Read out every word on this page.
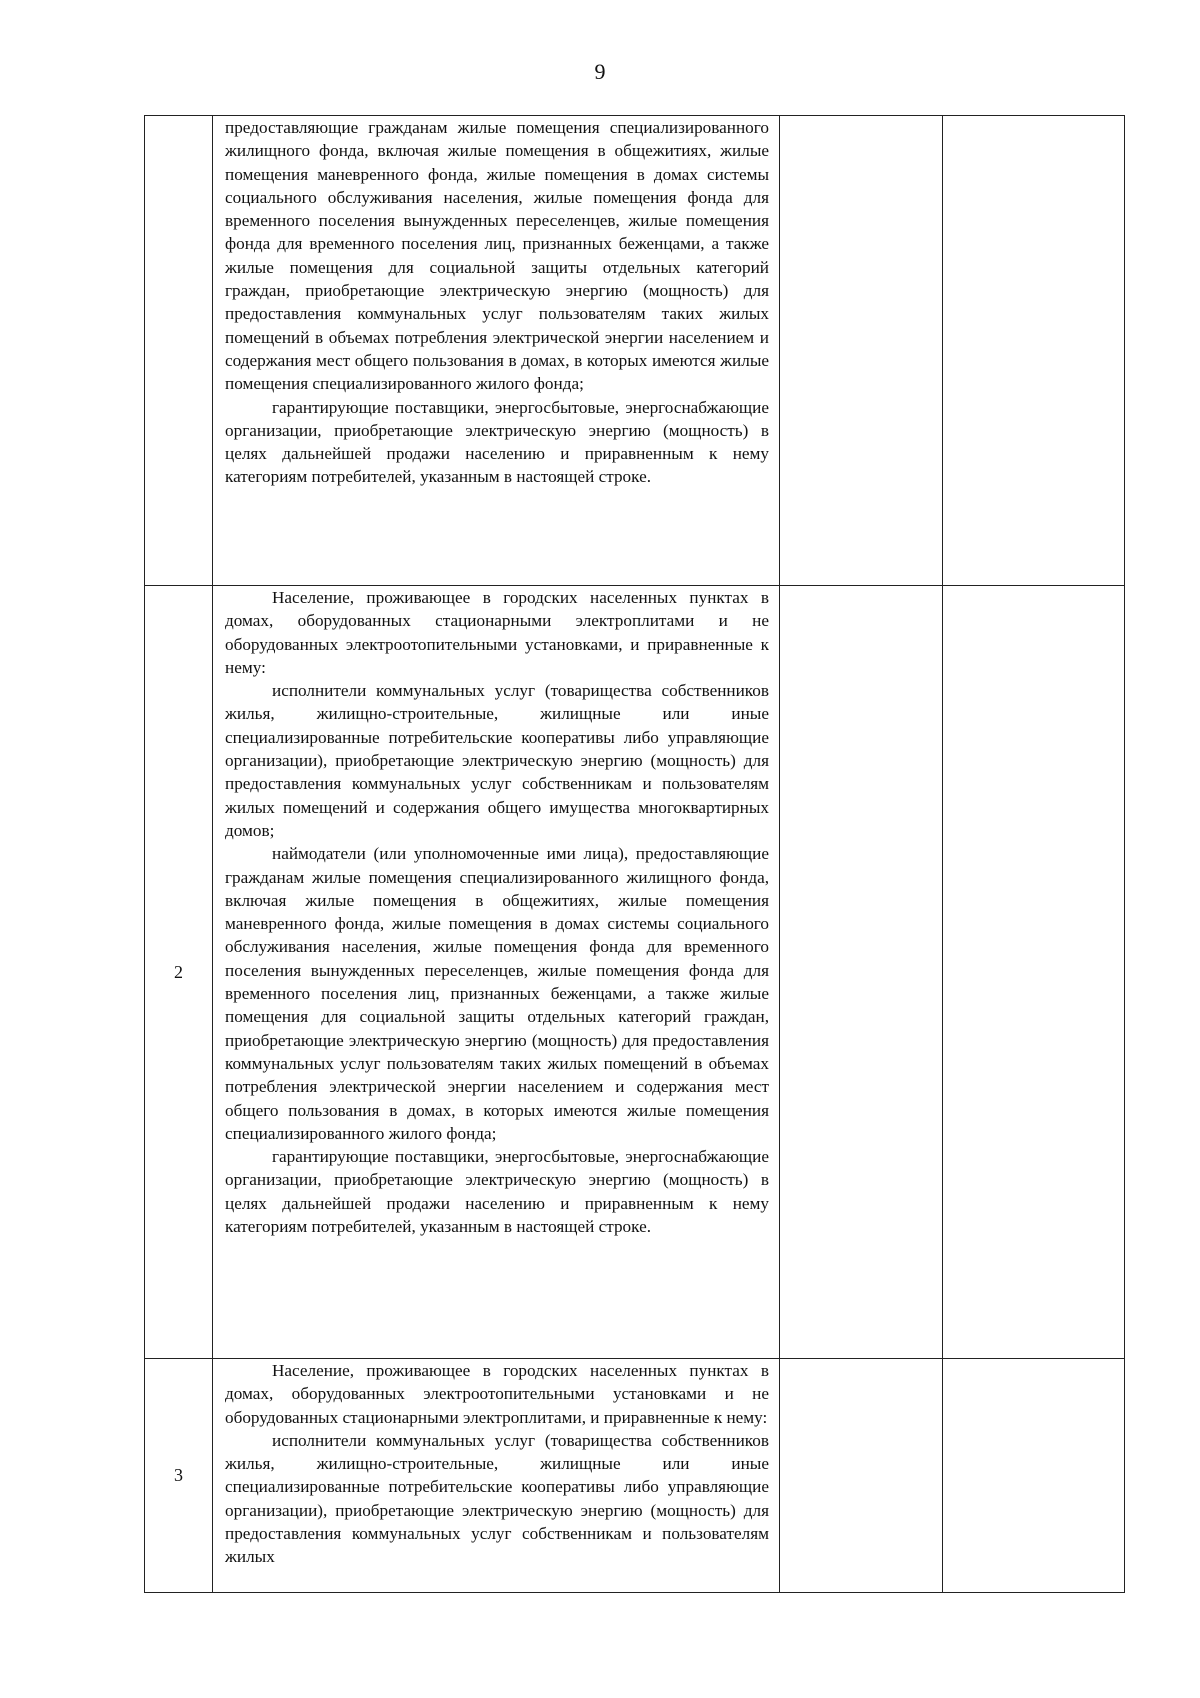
9

	предоставляющие гражданам жилые помещения специализированного жилищного фонда, включая жилые помещения в общежитиях, жилые помещения маневренного фонда, жилые помещения в домах системы социального обслуживания населения, жилые помещения фонда для временного поселения вынужденных переселенцев, жилые помещения фонда для временного поселения лиц, признанных беженцами, а также жилые помещения для социальной защиты отдельных категорий граждан, приобретающие электрическую энергию (мощность) для предоставления коммунальных услуг пользователям таких жилых помещений в объемах потребления электрической энергии населением и содержания мест общего пользования в домах, в которых имеются жилые помещения специализированного жилого фонда;

гарантирующие поставщики, энергосбытовые, энергоснабжающие организации, приобретающие электрическую энергию (мощность) в целях дальнейшей продажи населению и приравненным к нему категориям потребителей, указанным в настоящей строке.		

2	Население, проживающее в городских населенных пунктах в домах, оборудованных стационарными электроплитами и не оборудованных электроотопительными установками, и приравненные к нему:

исполнители коммунальных услуг (товарищества собственников жилья, жилищно-строительные, жилищные или иные специализированные потребительские кооперативы либо управляющие организации), приобретающие электрическую энергию (мощность) для предоставления коммунальных услуг собственникам и пользователям жилых помещений и содержания общего имущества многоквартирных домов;

наймодатели (или уполномоченные ими лица), предоставляющие гражданам жилые помещения специализированного жилищного фонда, включая жилые помещения в общежитиях, жилые помещения маневренного фонда, жилые помещения в домах системы социального обслуживания населения, жилые помещения фонда для временного поселения вынужденных переселенцев, жилые помещения фонда для временного поселения лиц, признанных беженцами, а также жилые помещения для социальной защиты отдельных категорий граждан, приобретающие электрическую энергию (мощность) для предоставления коммунальных услуг пользователям таких жилых помещений в объемах потребления электрической энергии населением и содержания мест общего пользования в домах, в которых имеются жилые помещения специализированного жилого фонда;

гарантирующие поставщики, энергосбытовые, энергоснабжающие организации, приобретающие электрическую энергию (мощность) в целях дальнейшей продажи населению и приравненным к нему категориям потребителей, указанным в настоящей строке.		

3	Население, проживающее в городских населенных пунктах в домах, оборудованных электроотопительными установками и не оборудованных стационарными электроплитами, и приравненные к нему:

исполнители коммунальных услуг (товарищества собственников жилья, жилищно-строительные, жилищные или иные специализированные потребительские кооперативы либо управляющие организации), приобретающие электрическую энергию (мощность) для предоставления коммунальных услуг собственникам и пользователям жилых		
